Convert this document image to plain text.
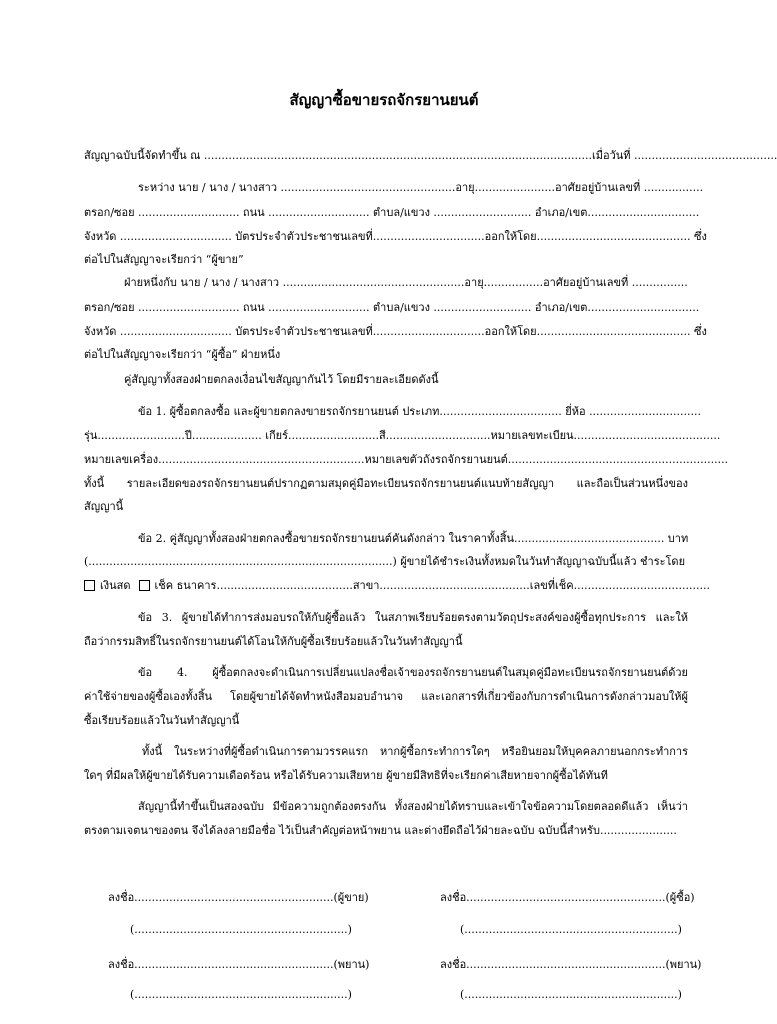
สัญญาซื้อขายรถจักรยานยนต์
สัญญาฉบับนี้จัดทำขึ้น ณ ...............................................................................................................เมื่อวันที่ .........................................
ระหว่าง นาย / นาง / นางสาว ..................................................อายุ.......................อาศัยอยู่บ้านเลขที่ .................
ตรอก/ซอย ............................. ถนน ............................. ตำบล/แขวง ............................ อำเภอ/เขต................................
จังหวัด ................................ บัตรประจำตัวประชาชนเลขที่................................ออกให้โดย............................................ ซึ่ง
ต่อไปในสัญญาจะเรียกว่า “ผู้ขาย”
ฝ่ายหนึ่งกับ นาย / นาง / นางสาว ....................................................อายุ.................อาศัยอยู่บ้านเลขที่ ................
ตรอก/ซอย ............................. ถนน ............................. ตำบล/แขวง ............................ อำเภอ/เขต................................
จังหวัด ................................ บัตรประจำตัวประชาชนเลขที่................................ออกให้โดย............................................ ซึ่ง
ต่อไปในสัญญาจะเรียกว่า “ผู้ซื้อ” ฝ่ายหนึ่ง
คู่สัญญาทั้งสองฝ่ายตกลงเงื่อนไขสัญญากันไว้ โดยมีรายละเอียดดังนี้
ข้อ 1. ผู้ซื้อตกลงซื้อ และผู้ขายตกลงขายรถจักรยานยนต์ ประเภท................................... ยี่ห้อ ................................
รุ่น.........................ปี.................... เกียร์..........................สี..............................หมายเลขทะเบียน..........................................
หมายเลขเครื่อง...........................................................หมายเลขตัวถังรถจักรยานยนต์...............................................................
ทั้งนี้ รายละเอียดของรถจักรยานยนต์ปรากฏตามสมุดคู่มือทะเบียนรถจักรยานยนต์แนบท้ายสัญญา และถือเป็นส่วนหนึ่งของ
สัญญานี้
ข้อ 2. คู่สัญญาทั้งสองฝ่ายตกลงซื้อขายรถจักรยานยนต์คันดังกล่าว ในราคาทั้งสิ้น........................................... บาท
(.......................................................................................) ผู้ขายได้ชำระเงินทั้งหมดในวันทำสัญญาฉบับนี้แล้ว ชำระโดย
เงินสด เช็ค ธนาคาร.......................................สาขา...........................................เลขที่เช็ค.......................................
ข้อ 3. ผู้ขายได้ทำการส่งมอบรถให้กับผู้ซื้อแล้ว ในสภาพเรียบร้อยตรงตามวัตถุประสงค์ของผู้ซื้อทุกประการ และให้
ถือว่ากรรมสิทธิ์ในรถจักรยานยนต์ได้โอนให้กับผู้ซื้อเรียบร้อยแล้วในวันทำสัญญานี้
ข้อ 4. ผู้ซื้อตกลงจะดำเนินการเปลี่ยนแปลงชื่อเจ้าของรถจักรยานยนต์ในสมุดคู่มือทะเบียนรถจักรยานยนต์ด้วย
ค่าใช้จ่ายของผู้ซื้อเองทั้งสิ้น โดยผู้ขายได้จัดทำหนังสือมอบอำนาจ และเอกสารที่เกี่ยวข้องกับการดำเนินการดังกล่าวมอบให้ผู้
ซื้อเรียบร้อยแล้วในวันทำสัญญานี้
ทั้งนี้ ในระหว่างที่ผู้ซื้อดำเนินการตามวรรคแรก หากผู้ซื้อกระทำการใดๆ หรือยินยอมให้บุคคลภายนอกกระทำการ
ใดๆ ที่มีผลให้ผู้ขายได้รับความเดือดร้อน หรือได้รับความเสียหาย ผู้ขายมีสิทธิที่จะเรียกค่าเสียหายจากผู้ซื้อได้ทันที
สัญญานี้ทำขึ้นเป็นสองฉบับ มีข้อความถูกต้องตรงกัน ทั้งสองฝ่ายได้ทราบและเข้าใจข้อความโดยตลอดดีแล้ว เห็นว่า
ตรงตามเจตนาของตน จึงได้ลงลายมือชื่อ ไว้เป็นสำคัญต่อหน้าพยาน และต่างยึดถือไว้ฝ่ายละฉบับ ฉบับนี้สำหรับ......................
ลงชื่อ.........................................................(ผู้ขาย)	ลงชื่อ.........................................................(ผู้ซื้อ)
(.............................................................)	(.............................................................)
ลงชื่อ.........................................................(พยาน)	ลงชื่อ.........................................................(พยาน)
(.............................................................)	(.............................................................)
